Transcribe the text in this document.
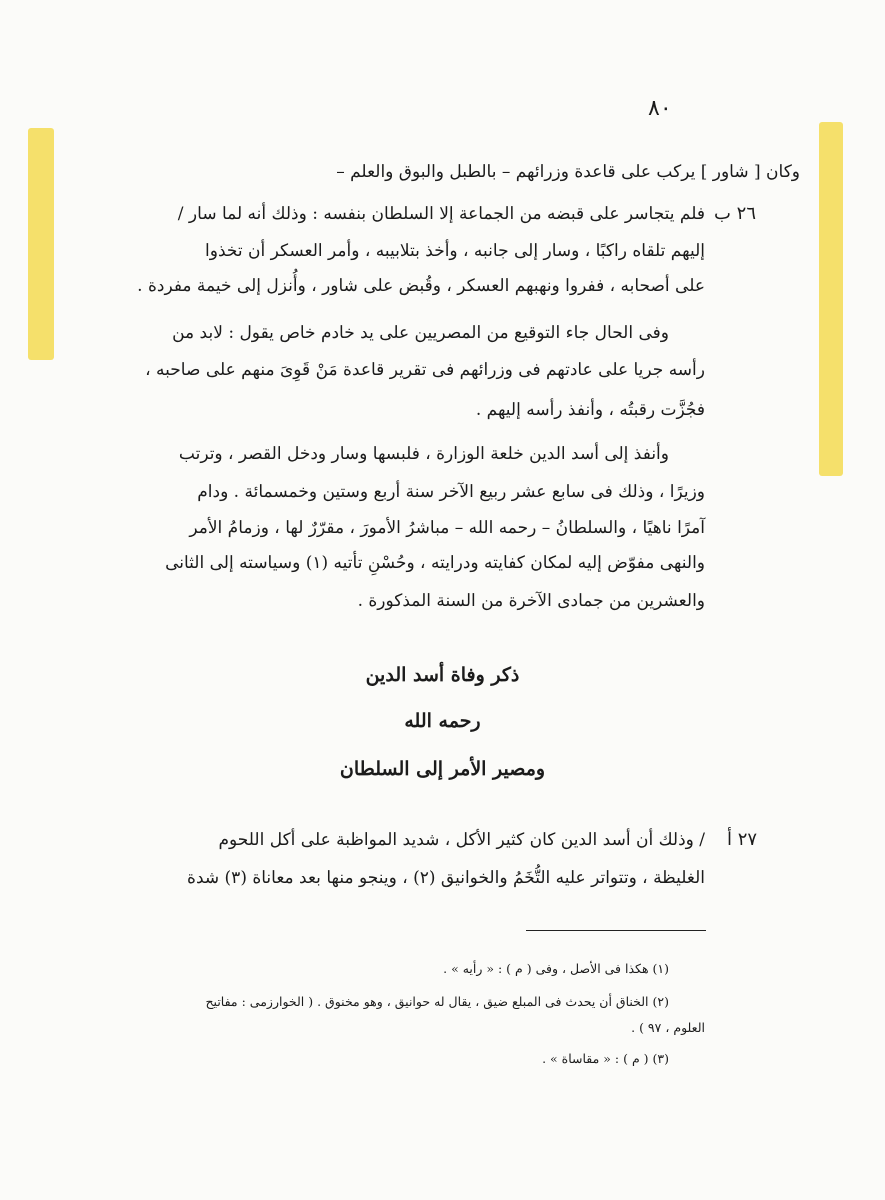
٨٠
وكان [ شاور ] يركب على قاعدة وزرائهم – بالطبل والبوق والعلم –
٢٦ ب
فلم يتجاسر على قبضه من الجماعة إلا السلطان بنفسه : وذلك أنه لما سار /
إليهم تلقاه راكبًا ، وسار إلى جانبه ، وأخذ بتلابيبه ، وأمر العسكر أن تخذوا
على أصحابه ، ففروا ونهبهم العسكر ، وقُبض على شاور ، وأُنزل إلى خيمة مفردة .
وفى الحال جاء التوقيع من المصريين على يد خادم خاص يقول : لابد من
رأسه جريا على عادتهم فى وزرائهم فى تقرير قاعدة مَنْ قَوِىَ منهم على صاحبه ،
فجُزَّت رقبتُه ، وأنفذ رأسه إليهم .
وأنفذ إلى أسد الدين خلعة الوزارة ، فلبسها وسار ودخل القصر ، وترتب
وزيرًا ، وذلك فى سابع عشر ربيع الآخر سنة أربع وستين وخمسمائة . ودام
آمرًا ناهيًا ، والسلطانُ – رحمه الله – مباشرُ الأمورَ ، مقرّرٌ لها ، وزمامُ الأمر
والنهى مفوّض إليه لمكان كفايته ودرايته ، وحُسْنِ تأتيه (١) وسياسته إلى الثانى
والعشرين من جمادى الآخرة من السنة المذكورة .
ذكر وفاة أسد الدين
رحمه الله
ومصير الأمر إلى السلطان
٢٧ أ
/ وذلك أن أسد الدين كان كثير الأكل ، شديد المواظبة على أكل اللحوم
الغليظة ، وتتواتر عليه التُّخَمُ والخوانيق (٢) ، وينجو منها بعد معاناة (٣) شدة
(١) هكذا فى الأصل ، وفى ( م ) : « رأيه » .
(٢) الخناق أن يحدث فى المبلع ضيق ، يقال له حوانيق ، وهو مخنوق . ( الخوارزمى : مفاتيح
العلوم ، ٩٧ ) .
(٣) ( م ) : « مقاساة » .
